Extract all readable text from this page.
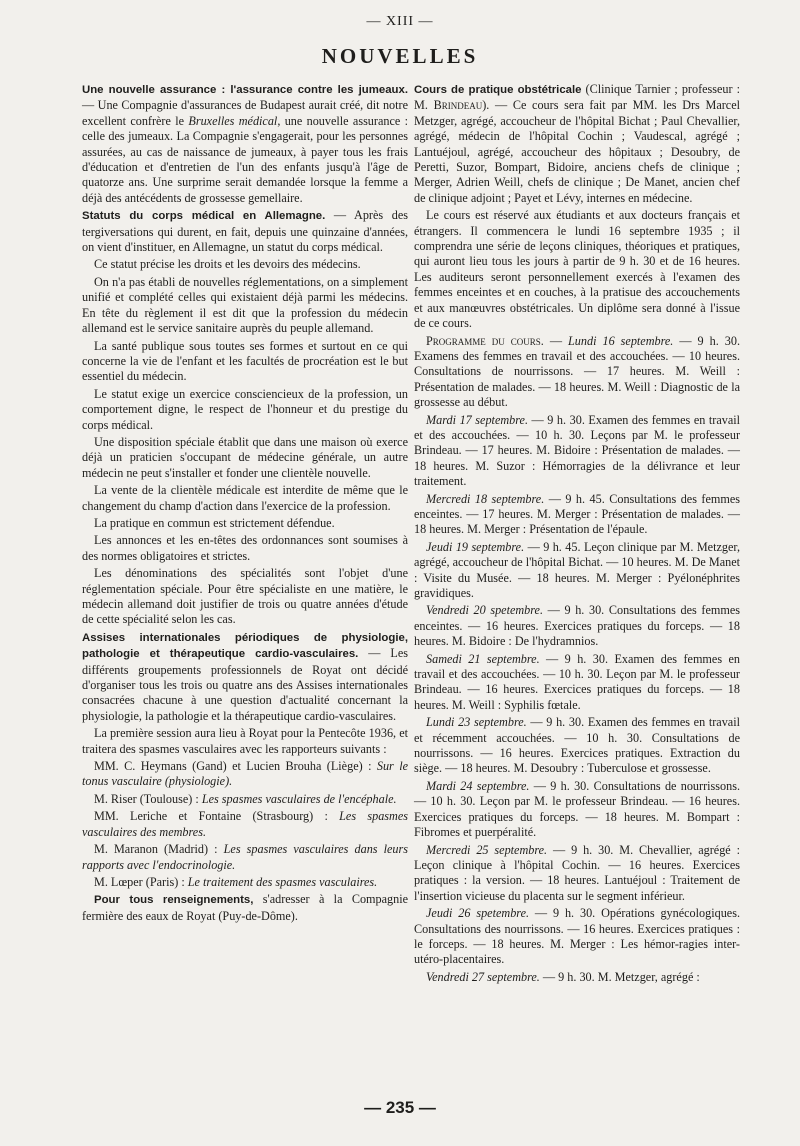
— XIII —
NOUVELLES

Une nouvelle assurance : l'assurance contre les jumeaux. — Une Compagnie d'assurances de Budapest aurait créé, dit notre excellent confrère le Bruxelles médical, une nouvelle assurance : celle des jumeaux. La Compagnie s'engagerait, pour les personnes assurées, au cas de naissance de jumeaux, à payer tous les frais d'éducation et d'entretien de l'un des enfants jusqu'à l'âge de quatorze ans. Une surprime serait demandée lorsque la femme a déjà des antécédents de grossesse gemellaire.

Statuts du corps médical en Allemagne. — Après des tergiversations qui durent, en fait, depuis une quinzaine d'années, on vient d'instituer, en Allemagne, un statut du corps médical.

Ce statut précise les droits et les devoirs des médecins.

On n'a pas établi de nouvelles réglementations, on a simplement unifié et complété celles qui existaient déjà parmi les médecins. En tête du règlement il est dit que la profession du médecin allemand est le service sanitaire auprès du peuple allemand.

La santé publique sous toutes ses formes et surtout en ce qui concerne la vie de l'enfant et les facultés de procréation est le but essentiel du médecin.

Le statut exige un exercice consciencieux de la profession, un comportement digne, le respect de l'honneur et du prestige du corps médical.

Une disposition spéciale établit que dans une maison où exerce déjà un praticien s'occupant de médecine générale, un autre médecin ne peut s'installer et fonder une clientèle nouvelle.

La vente de la clientèle médicale est interdite de même que le changement du champ d'action dans l'exercice de la profession.

La pratique en commun est strictement défendue.

Les annonces et les en-têtes des ordonnances sont soumises à des normes obligatoires et strictes.

Les dénominations des spécialités sont l'objet d'une réglementation spéciale. Pour être spécialiste en une matière, le médecin allemand doit justifier de trois ou quatre années d'étude de cette spécialité selon les cas.

Assises internationales périodiques de physiologie, pathologie et thérapeutique cardio-vasculaires. — Les différents groupements professionnels de Royat ont décidé d'organiser tous les trois ou quatre ans des Assises internationales consacrées chacune à une question d'actualité concernant la physiologie, la pathologie et la thérapeutique cardio-vasculaires.

La première session aura lieu à Royat pour la Pentecôte 1936, et traitera des spasmes vasculaires avec les rapporteurs suivants :

MM. C. Heymans (Gand) et Lucien Brouha (Liège) : Sur le tonus vasculaire (physiologie).

M. Riser (Toulouse) : Les spasmes vasculaires de l'encéphale.

MM. Leriche et Fontaine (Strasbourg) : Les spasmes vasculaires des membres.

M. Maranon (Madrid) : Les spasmes vasculaires dans leurs rapports avec l'endocrinologie.

M. Lœper (Paris) : Le traitement des spasmes vasculaires.

Pour tous renseignements, s'adresser à la Compagnie fermière des eaux de Royat (Puy-de-Dôme).

Cours de pratique obstétricale (Clinique Tarnier ; professeur : M. Brindeau). — Ce cours sera fait par MM. les Drs Marcel Metzger, agrégé, accoucheur de l'hôpital Bichat ; Paul Chevallier, agrégé, médecin de l'hôpital Cochin ; Vaudescal, agrégé ; Lantuéjoul, agrégé, accoucheur des hôpitaux ; Desoubry, de Peretti, Suzor, Bompart, Bidoire, anciens chefs de clinique ; Merger, Adrien Weill, chefs de clinique ; De Manet, ancien chef de clinique adjoint ; Payet et Lévy, internes en médecine.

Le cours est réservé aux étudiants et aux docteurs français et étrangers. Il commencera le lundi 16 septembre 1935 ; il comprendra une série de leçons cliniques, théoriques et pratiques, qui auront lieu tous les jours à partir de 9 h. 30 et de 16 heures. Les auditeurs seront personnellement exercés à l'examen des femmes enceintes et en couches, à la pratisue des accouchements et aux manœuvres obstétricales. Un diplôme sera donné à l'issue de ce cours.

Programme du cours. — Lundi 16 septembre. — 9 h. 30. Examens des femmes en travail et des accouchées. — 10 heures. Consultations de nourrissons. — 17 heures. M. Weill : Présentation de malades. — 18 heures. M. Weill : Diagnostic de la grossesse au début.

Mardi 17 septembre. — 9 h. 30. Examen des femmes en travail et des accouchées. — 10 h. 30. Leçons par M. le professeur Brindeau. — 17 heures. M. Bidoire : Présentation de malades. — 18 heures. M. Suzor : Hémorragies de la délivrance et leur traitement.

Mercredi 18 septembre. — 9 h. 45. Consultations des femmes enceintes. — 17 heures. M. Merger : Présentation de malades. — 18 heures. M. Merger : Présentation de l'épaule.

Jeudi 19 septembre. — 9 h. 45. Leçon clinique par M. Metzger, agrégé, accoucheur de l'hôpital Bichat. — 10 heures. M. De Manet : Visite du Musée. — 18 heures. M. Merger : Pyélonéphrites gravidiques.

Vendredi 20 spetembre. — 9 h. 30. Consultations des femmes enceintes. — 16 heures. Exercices pratiques du forceps. — 18 heures. M. Bidoire : De l'hydramnios.

Samedi 21 septembre. — 9 h. 30. Examen des femmes en travail et des accouchées. — 10 h. 30. Leçon par M. le professeur Brindeau. — 16 heures. Exercices pratiques du forceps. — 18 heures. M. Weill : Syphilis fœtale.

Lundi 23 septembre. — 9 h. 30. Examen des femmes en travail et récemment accouchées. — 10 h. 30. Consultations de nourrissons. — 16 heures. Exercices pratiques. Extraction du siège. — 18 heures. M. Desoubry : Tuberculose et grossesse.

Mardi 24 septembre. — 9 h. 30. Consultations de nourrissons. — 10 h. 30. Leçon par M. le professeur Brindeau. — 16 heures. Exercices pratiques du forceps. — 18 heures. M. Bompart : Fibromes et puerpéralité.

Mercredi 25 septembre. — 9 h. 30. M. Chevallier, agrégé : Leçon clinique à l'hôpital Cochin. — 16 heures. Exercices pratiques : la version. — 18 heures. Lantuéjoul : Traitement de l'insertion vicieuse du placenta sur le segment inférieur.

Jeudi 26 spetembre. — 9 h. 30. Opérations gynécologiques. Consultations des nourrissons. — 16 heures. Exercices pratiques : le forceps. — 18 heures. M. Merger : Les hémor-ragies inter-utéro-placentaires.

Vendredi 27 septembre. — 9 h. 30. M. Metzger, agrégé :

— 235 —
